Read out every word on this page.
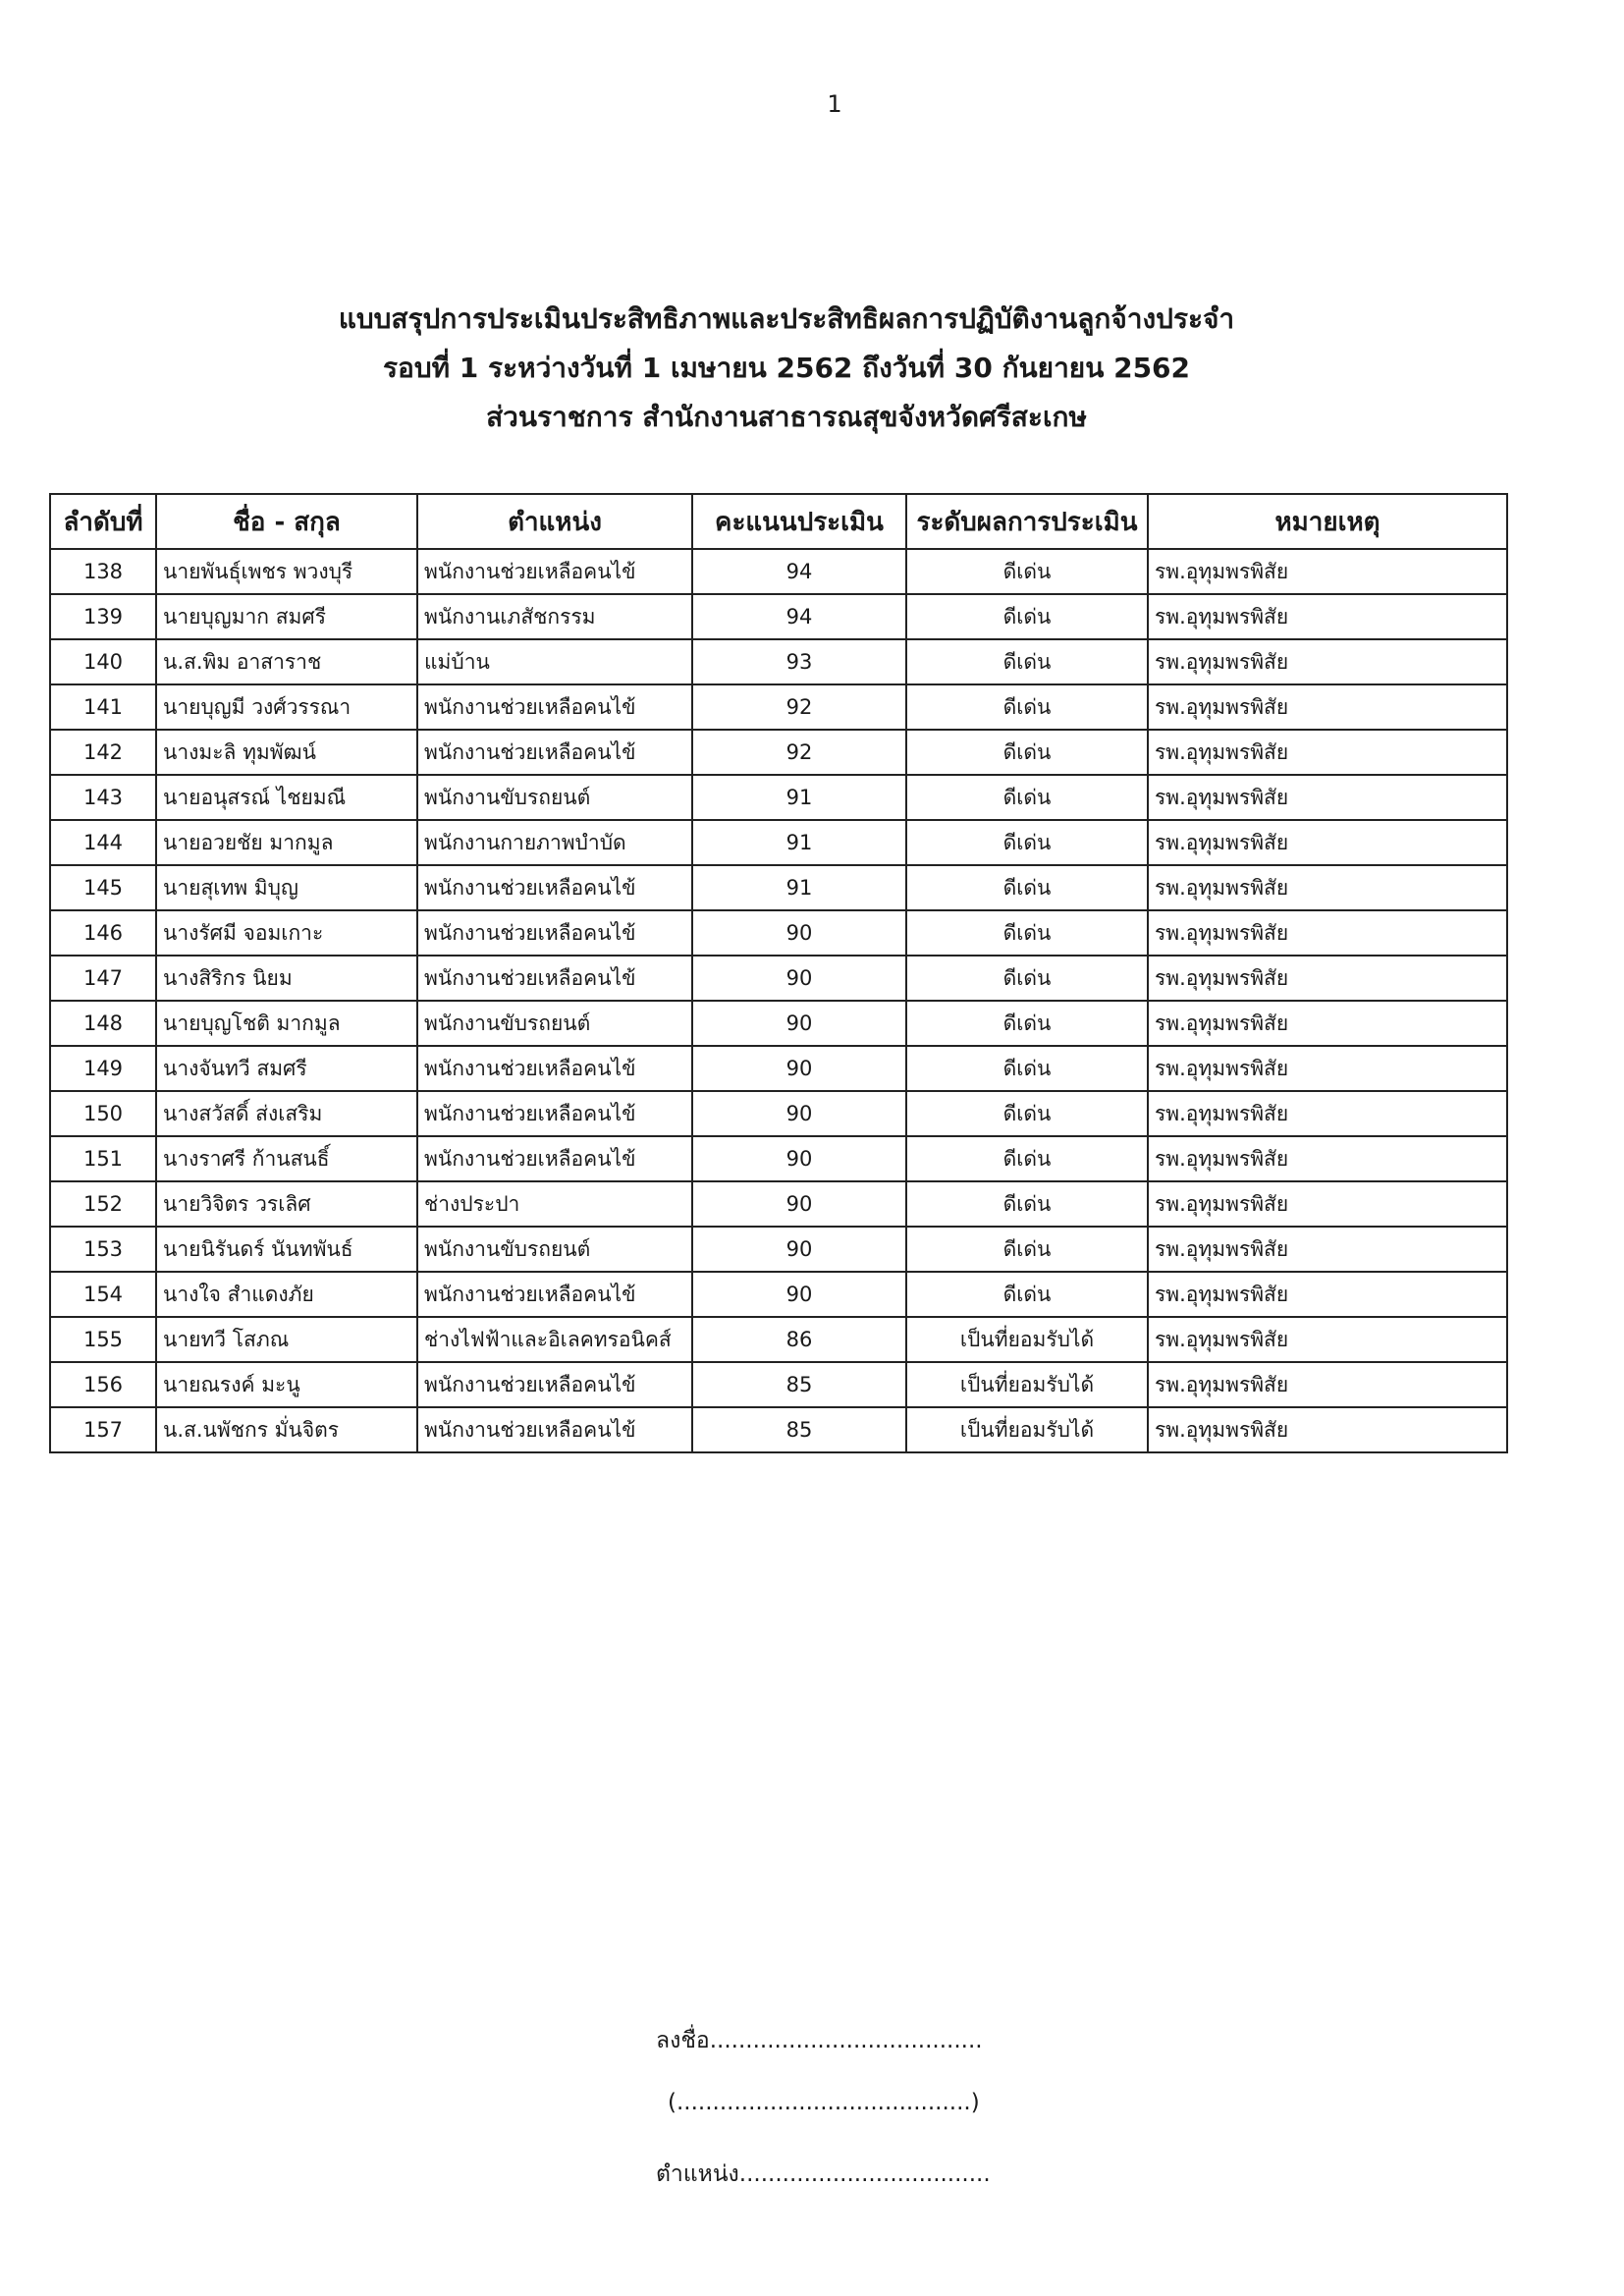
1
แบบสรุปการประเมินประสิทธิภาพและประสิทธิผลการปฏิบัติงานลูกจ้างประจำ
รอบที่ 1 ระหว่างวันที่ 1 เมษายน 2562 ถึงวันที่ 30 กันยายน 2562
ส่วนราชการ สำนักงานสาธารณสุขจังหวัดศรีสะเกษ
ลำดับที่	ชื่อ - สกุล	ตำแหน่ง	คะแนนประเมิน	ระดับผลการประเมิน	หมายเหตุ
138	นายพันธุ์เพชร พวงบุรี	พนักงานช่วยเหลือคนไข้	94	ดีเด่น	รพ.อุทุมพรพิสัย
139	นายบุญมาก สมศรี	พนักงานเภสัชกรรม	94	ดีเด่น	รพ.อุทุมพรพิสัย
140	น.ส.พิม อาสาราช	แม่บ้าน	93	ดีเด่น	รพ.อุทุมพรพิสัย
141	นายบุญมี วงศ์วรรณา	พนักงานช่วยเหลือคนไข้	92	ดีเด่น	รพ.อุทุมพรพิสัย
142	นางมะลิ ทุมพัฒน์	พนักงานช่วยเหลือคนไข้	92	ดีเด่น	รพ.อุทุมพรพิสัย
143	นายอนุสรณ์ ไชยมณี	พนักงานขับรถยนต์	91	ดีเด่น	รพ.อุทุมพรพิสัย
144	นายอวยชัย มากมูล	พนักงานกายภาพบำบัด	91	ดีเด่น	รพ.อุทุมพรพิสัย
145	นายสุเทพ มิบุญ	พนักงานช่วยเหลือคนไข้	91	ดีเด่น	รพ.อุทุมพรพิสัย
146	นางรัศมี จอมเกาะ	พนักงานช่วยเหลือคนไข้	90	ดีเด่น	รพ.อุทุมพรพิสัย
147	นางสิริกร นิยม	พนักงานช่วยเหลือคนไข้	90	ดีเด่น	รพ.อุทุมพรพิสัย
148	นายบุญโชติ มากมูล	พนักงานขับรถยนต์	90	ดีเด่น	รพ.อุทุมพรพิสัย
149	นางจันทวี สมศรี	พนักงานช่วยเหลือคนไข้	90	ดีเด่น	รพ.อุทุมพรพิสัย
150	นางสวัสดิ์ ส่งเสริม	พนักงานช่วยเหลือคนไข้	90	ดีเด่น	รพ.อุทุมพรพิสัย
151	นางราศรี ก้านสนธิ์	พนักงานช่วยเหลือคนไข้	90	ดีเด่น	รพ.อุทุมพรพิสัย
152	นายวิจิตร วรเลิศ	ช่างประปา	90	ดีเด่น	รพ.อุทุมพรพิสัย
153	นายนิรันดร์ นันทพันธ์	พนักงานขับรถยนต์	90	ดีเด่น	รพ.อุทุมพรพิสัย
154	นางใจ สำแดงภัย	พนักงานช่วยเหลือคนไข้	90	ดีเด่น	รพ.อุทุมพรพิสัย
155	นายทวี โสภณ	ช่างไฟฟ้าและอิเลคทรอนิคส์	86	เป็นที่ยอมรับได้	รพ.อุทุมพรพิสัย
156	นายณรงค์ มะนู	พนักงานช่วยเหลือคนไข้	85	เป็นที่ยอมรับได้	รพ.อุทุมพรพิสัย
157	น.ส.นพัชกร มั่นจิตร	พนักงานช่วยเหลือคนไข้	85	เป็นที่ยอมรับได้	รพ.อุทุมพรพิสัย
ลงชื่อ......................................
(.........................................)
ตำแหน่ง...................................
